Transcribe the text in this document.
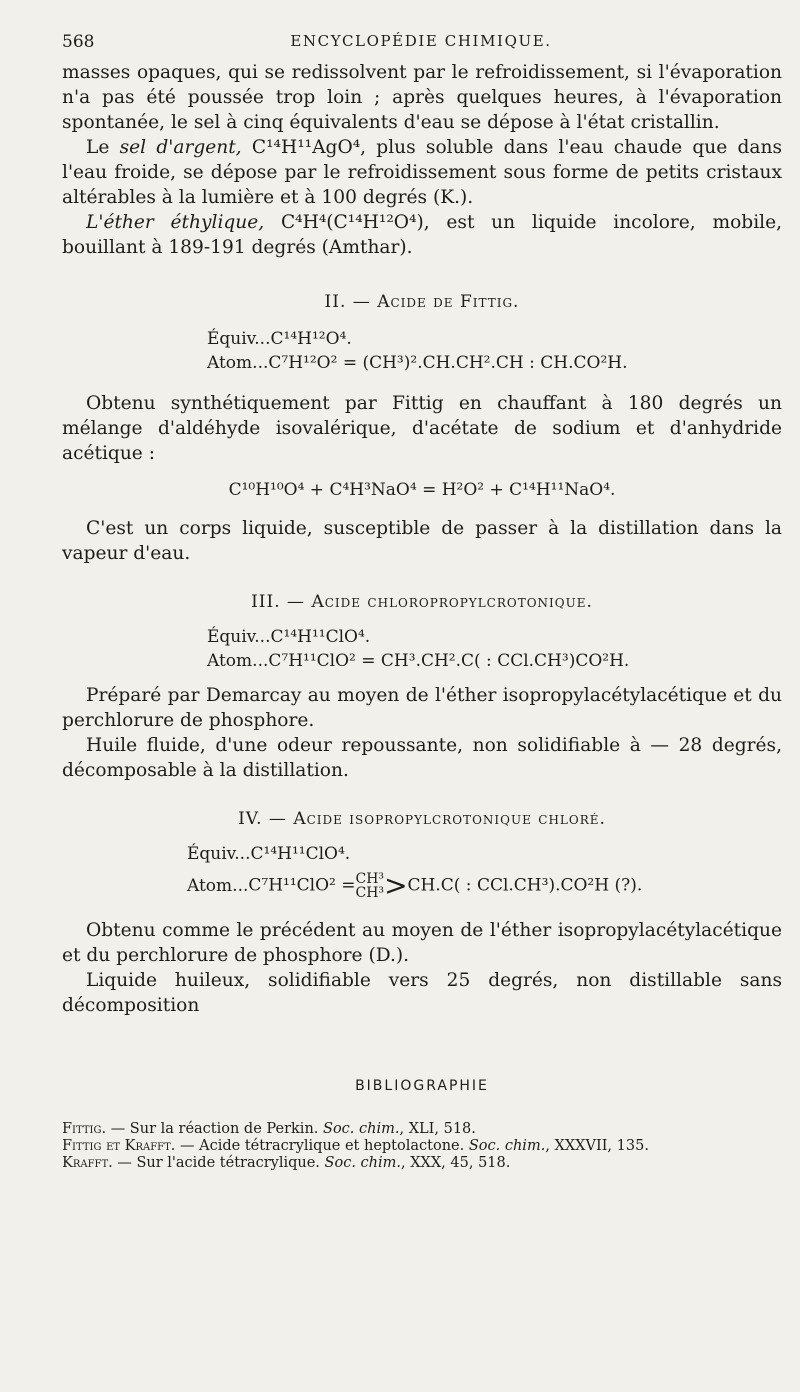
568	ENCYCLOPÉDIE CHIMIQUE.

masses opaques, qui se redissolvent par le refroidissement, si l'évaporation n'a pas été poussée trop loin ; après quelques heures, à l'évaporation spontanée, le sel à cinq équivalents d'eau se dépose à l'état cristallin.

Le sel d'argent, C¹⁴H¹¹AgO⁴, plus soluble dans l'eau chaude que dans l'eau froide, se dépose par le refroidissement sous forme de petits cristaux altérables à la lumière et à 100 degrés (K.).

L'éther éthylique, C⁴H⁴(C¹⁴H¹²O⁴), est un liquide incolore, mobile, bouillant à 189-191 degrés (Amthar).

II. — Acide de Fittig.
Équiv...C¹⁴H¹²O⁴.
Atom...C⁷H¹²O² = (CH³)².CH.CH².CH : CH.CO²H.

Obtenu synthétiquement par Fittig en chauffant à 180 degrés un mélange d'aldéhyde isovalérique, d'acétate de sodium et d'anhydride acétique :

C¹⁰H¹⁰O⁴ + C⁴H³NaO⁴ = H²O² + C¹⁴H¹¹NaO⁴.

C'est un corps liquide, susceptible de passer à la distillation dans la vapeur d'eau.

III. — Acide chloropropylcrotonique.
Équiv...C¹⁴H¹¹ClO⁴.
Atom...C⁷H¹¹ClO² = CH³.CH².C( : CCl.CH³)CO²H.

Préparé par Demarcay au moyen de l'éther isopropylacétylacétique et du perchlorure de phosphore.

Huile fluide, d'une odeur repoussante, non solidifiable à — 28 degrés, décomposable à la distillation.

IV. — Acide isopropylcrotonique chloré.
Équiv...C¹⁴H¹¹ClO⁴.
Atom...C⁷H¹¹ClO² =CH³
CH³>CH.C( : CCl.CH³).CO²H (?).

Obtenu comme le précédent au moyen de l'éther isopropylacétylacétique et du perchlorure de phosphore (D.).

Liquide huileux, solidifiable vers 25 degrés, non distillable sans décomposition

BIBLIOGRAPHIE
Fittig. — Sur la réaction de Perkin. Soc. chim., XLI, 518.
Fittig et Krafft. — Acide tétracrylique et heptolactone. Soc. chim., XXXVII, 135.
Krafft. — Sur l'acide tétracrylique. Soc. chim., XXX, 45, 518.
